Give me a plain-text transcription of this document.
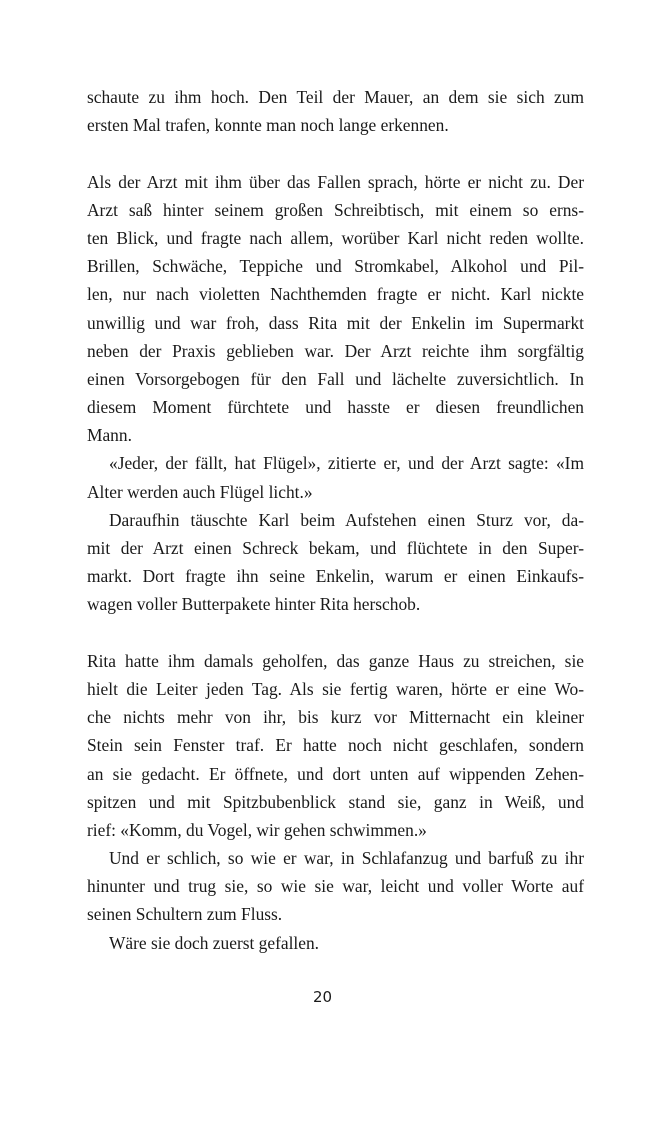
schaute zu ihm hoch. Den Teil der Mauer, an dem sie sich zum
ersten Mal trafen, konnte man noch lange erkennen.
Als der Arzt mit ihm über das Fallen sprach, hörte er nicht zu. Der
Arzt saß hinter seinem großen Schreibtisch, mit einem so erns-
ten Blick, und fragte nach allem, worüber Karl nicht reden wollte.
Brillen, Schwäche, Teppiche und Stromkabel, Alkohol und Pil-
len, nur nach violetten Nachthemden fragte er nicht. Karl nickte
unwillig und war froh, dass Rita mit der Enkelin im Supermarkt
neben der Praxis geblieben war. Der Arzt reichte ihm sorgfältig
einen Vorsorgebogen für den Fall und lächelte zuversichtlich. In
diesem Moment fürchtete und hasste er diesen freundlichen
Mann.
«Jeder, der fällt, hat Flügel», zitierte er, und der Arzt sagte: «Im
Alter werden auch Flügel licht.»
Daraufhin täuschte Karl beim Aufstehen einen Sturz vor, da-
mit der Arzt einen Schreck bekam, und flüchtete in den Super-
markt. Dort fragte ihn seine Enkelin, warum er einen Einkaufs-
wagen voller Butterpakete hinter Rita herschob.
Rita hatte ihm damals geholfen, das ganze Haus zu streichen, sie
hielt die Leiter jeden Tag. Als sie fertig waren, hörte er eine Wo-
che nichts mehr von ihr, bis kurz vor Mitternacht ein kleiner
Stein sein Fenster traf. Er hatte noch nicht geschlafen, sondern
an sie gedacht. Er öffnete, und dort unten auf wippenden Zehen-
spitzen und mit Spitzbubenblick stand sie, ganz in Weiß, und
rief: «Komm, du Vogel, wir gehen schwimmen.»
Und er schlich, so wie er war, in Schlafanzug und barfuß zu ihr
hinunter und trug sie, so wie sie war, leicht und voller Worte auf
seinen Schultern zum Fluss.
Wäre sie doch zuerst gefallen.
20
